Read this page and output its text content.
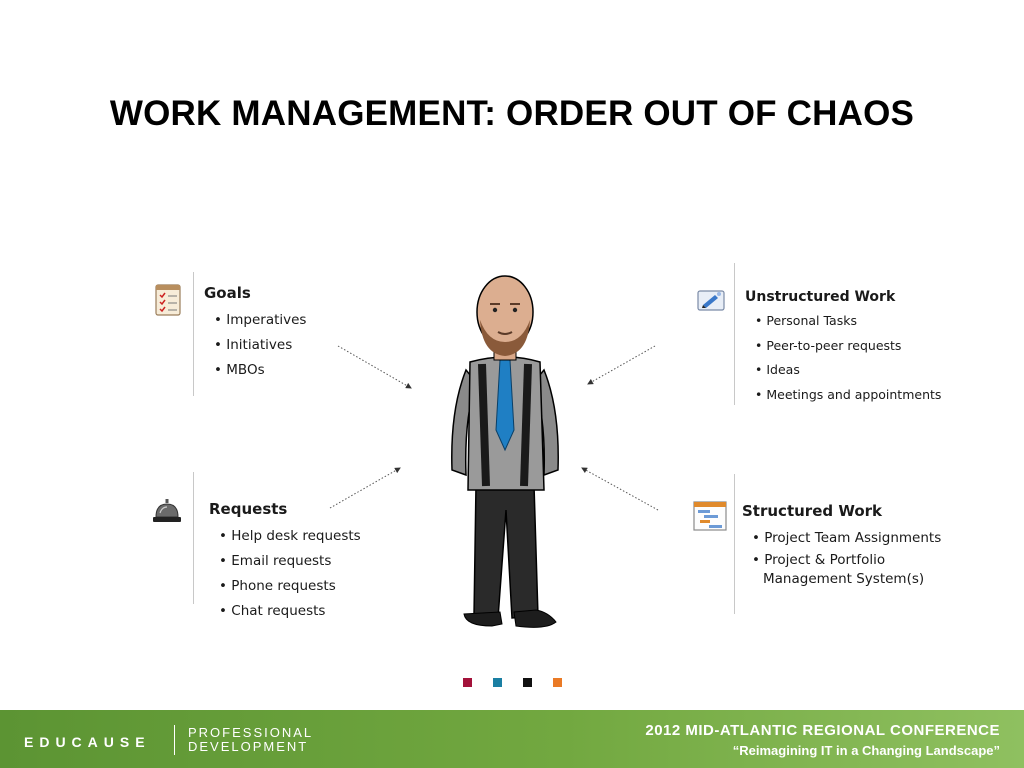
WORK MANAGEMENT: ORDER OUT OF CHAOS
Goals
• Imperatives
• Initiatives
• MBOs
Requests
• Help desk requests
• Email requests
• Phone requests
• Chat requests
Unstructured Work
• Personal Tasks
• Peer-to-peer requests
• Ideas
• Meetings and appointments
Structured Work
• Project Team Assignments
• Project & Portfolio
Management System(s)
EDUCAUSE
PROFESSIONAL
DEVELOPMENT
2012 MID-ATLANTIC REGIONAL CONFERENCE
“Reimagining IT in a Changing Landscape”
